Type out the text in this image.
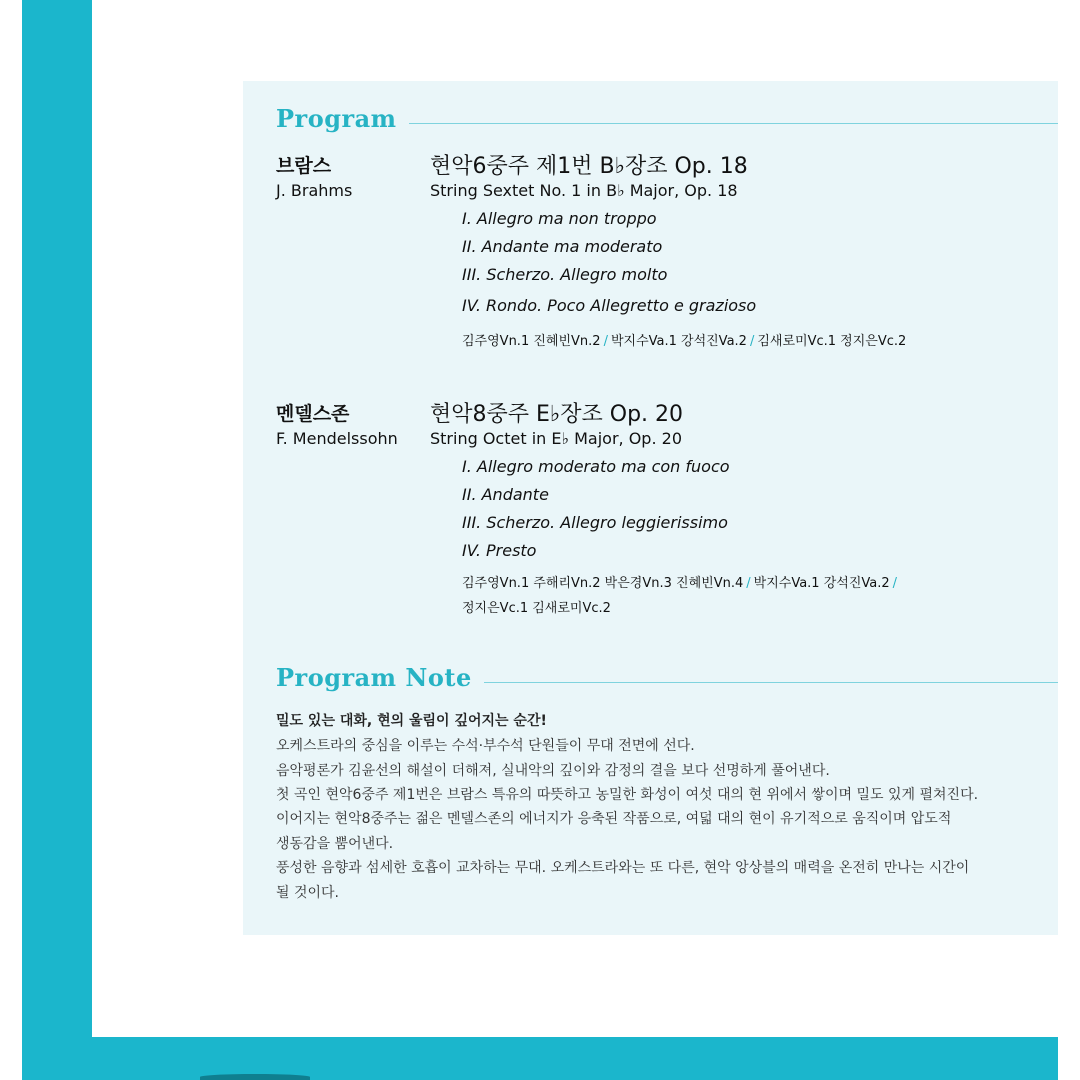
Program
브람스
J. Brahms
현악6중주 제1번 B♭장조 Op. 18
String Sextet No. 1 in B♭ Major, Op. 18
I. Allegro ma non troppo
II. Andante ma moderato
III. Scherzo. Allegro molto
IV. Rondo. Poco Allegretto e grazioso
김주영Vn.1 진혜빈Vn.2 / 박지수Va.1 강석진Va.2 / 김새로미Vc.1 정지은Vc.2
멘델스존
F. Mendelssohn
현악8중주 E♭장조 Op. 20
String Octet in E♭ Major, Op. 20
I. Allegro moderato ma con fuoco
II. Andante
III. Scherzo. Allegro leggierissimo
IV. Presto
김주영Vn.1 주해리Vn.2 박은경Vn.3 진혜빈Vn.4 / 박지수Va.1 강석진Va.2 /
정지은Vc.1 김새로미Vc.2
Program Note
밀도 있는 대화, 현의 울림이 깊어지는 순간!
오케스트라의 중심을 이루는 수석·부수석 단원들이 무대 전면에 선다.
음악평론가 김윤선의 해설이 더해져, 실내악의 깊이와 감정의 결을 보다 선명하게 풀어낸다.
첫 곡인 현악6중주 제1번은 브람스 특유의 따뜻하고 농밀한 화성이 여섯 대의 현 위에서 쌓이며 밀도 있게 펼쳐진다.
이어지는 현악8중주는 젊은 멘델스존의 에너지가 응축된 작품으로, 여덟 대의 현이 유기적으로 움직이며 압도적
생동감을 뿜어낸다.
풍성한 음향과 섬세한 호흡이 교차하는 무대. 오케스트라와는 또 다른, 현악 앙상블의 매력을 온전히 만나는 시간이
될 것이다.
